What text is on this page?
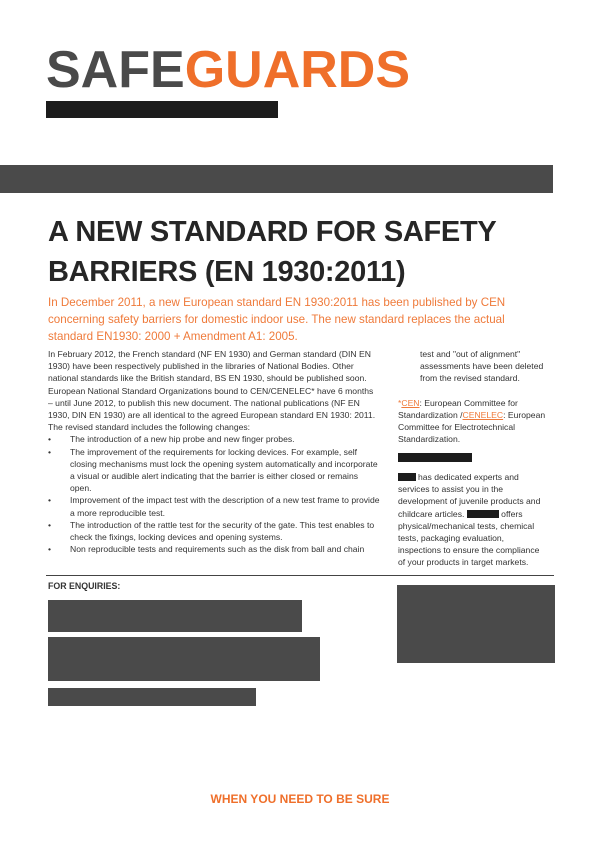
SAFEGUARDS
A NEW STANDARD FOR SAFETY BARRIERS (EN 1930:2011)
In December 2011, a new European standard EN 1930:2011 has been published by CEN concerning safety barriers for domestic indoor use. The new standard replaces the actual standard EN1930: 2000 + Amendment A1: 2005.

In February 2012, the French standard (NF EN 1930) and German standard (DIN EN 1930) have been respectively published in the libraries of National Bodies. Other national standards like the British standard, BS EN 1930, should be published soon. European National Standard Organizations bound to CEN/CENELEC* have 6 months – until June 2012, to publish this new document. The national publications (NF EN 1930, DIN EN 1930) are all identical to the agreed European standard EN 1930: 2011. The revised standard includes the following changes:

• The introduction of a new hip probe and new finger probes.
• The improvement of the requirements for locking devices. For example, self closing mechanisms must lock the opening system automatically and incorporate a visual or audible alert indicating that the barrier is either closed or remains open.
• Improvement of the impact test with the description of a new test frame to provide a more reproducible test.
• The introduction of the rattle test for the security of the gate. This test enables to check the fixings, locking devices and opening systems.
• Non reproducible tests and requirements such as the disk from ball and chain

test and "out of alignment" assessments have been deleted from the revised standard.

*CEN: European Committee for Standardization /CENELEC: European Committee for Electrotechnical Standardization.

has dedicated experts and services to assist you in the development of juvenile products and childcare articles.	offers physical/mechanical tests, chemical tests, packaging evaluation, inspections to ensure the compliance of your products in target markets.

FOR ENQUIRIES:
WHEN YOU NEED TO BE SURE
